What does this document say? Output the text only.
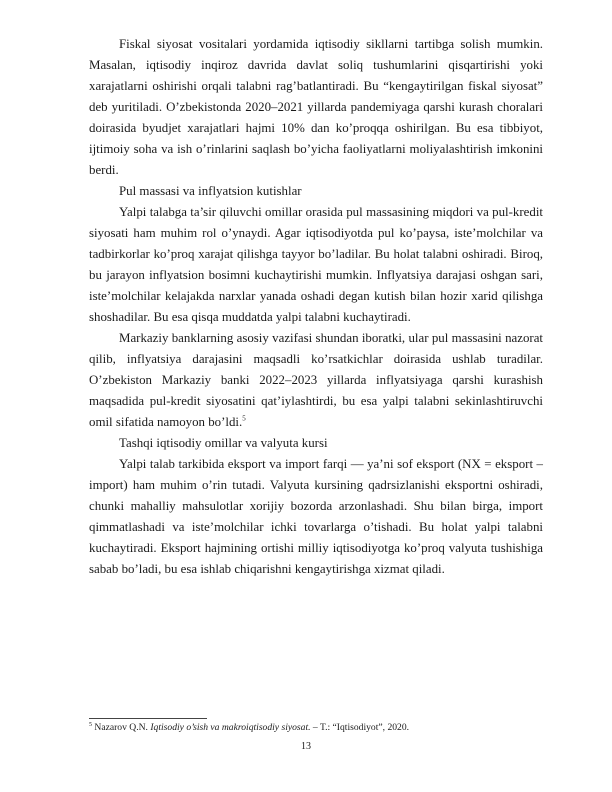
Fiskal siyosat vositalari yordamida iqtisodiy sikllarni tartibga solish mumkin. Masalan, iqtisodiy inqiroz davrida davlat soliq tushumlarini qisqartirishi yoki xarajatlarni oshirishi orqali talabni rag’batlantiradi. Bu “kengaytirilgan fiskal siyosat” deb yuritiladi. O’zbekistonda 2020–2021 yillarda pandemiyaga qarshi kurash choralari doirasida byudjet xarajatlari hajmi 10% dan ko’proqqa oshirilgan. Bu esa tibbiyot, ijtimoiy soha va ish o’rinlarini saqlash bo’yicha faoliyatlarni moliyalashtirish imkonini berdi.

Pul massasi va inflyatsion kutishlar

Yalpi talabga ta’sir qiluvchi omillar orasida pul massasining miqdori va pul-kredit siyosati ham muhim rol o’ynaydi. Agar iqtisodiyotda pul ko’paysa, iste’molchilar va tadbirkorlar ko’proq xarajat qilishga tayyor bo’ladilar. Bu holat talabni oshiradi. Biroq, bu jarayon inflyatsion bosimni kuchaytirishi mumkin. Inflyatsiya darajasi oshgan sari, iste’molchilar kelajakda narxlar yanada oshadi degan kutish bilan hozir xarid qilishga shoshadilar. Bu esa qisqa muddatda yalpi talabni kuchaytiradi.

Markaziy banklarning asosiy vazifasi shundan iboratki, ular pul massasini nazorat qilib, inflyatsiya darajasini maqsadli ko’rsatkichlar doirasida ushlab turadilar. O’zbekiston Markaziy banki 2022–2023 yillarda inflyatsiyaga qarshi kurashish maqsadida pul-kredit siyosatini qat’iylashtirdi, bu esa yalpi talabni sekinlashtiruvchi omil sifatida namoyon bo’ldi.$^5$

Tashqi iqtisodiy omillar va valyuta kursi

Yalpi talab tarkibida eksport va import farqi — ya’ni sof eksport (NX = eksport – import) ham muhim o’rin tutadi. Valyuta kursining qadrsizlanishi eksportni oshiradi, chunki mahalliy mahsulotlar xorijiy bozorda arzonlashadi. Shu bilan birga, import qimmatlashadi va iste’molchilar ichki tovarlarga o’tishadi. Bu holat yalpi talabni kuchaytiradi. Eksport hajmining ortishi milliy iqtisodiyotga ko’proq valyuta tushishiga sabab bo’ladi, bu esa ishlab chiqarishni kengaytirishga xizmat qiladi.

$^5$ Nazarov Q.N. Iqtisodiy o’sish va makroiqtisodiy siyosat. – T.: “Iqtisodiyot”, 2020.
13
